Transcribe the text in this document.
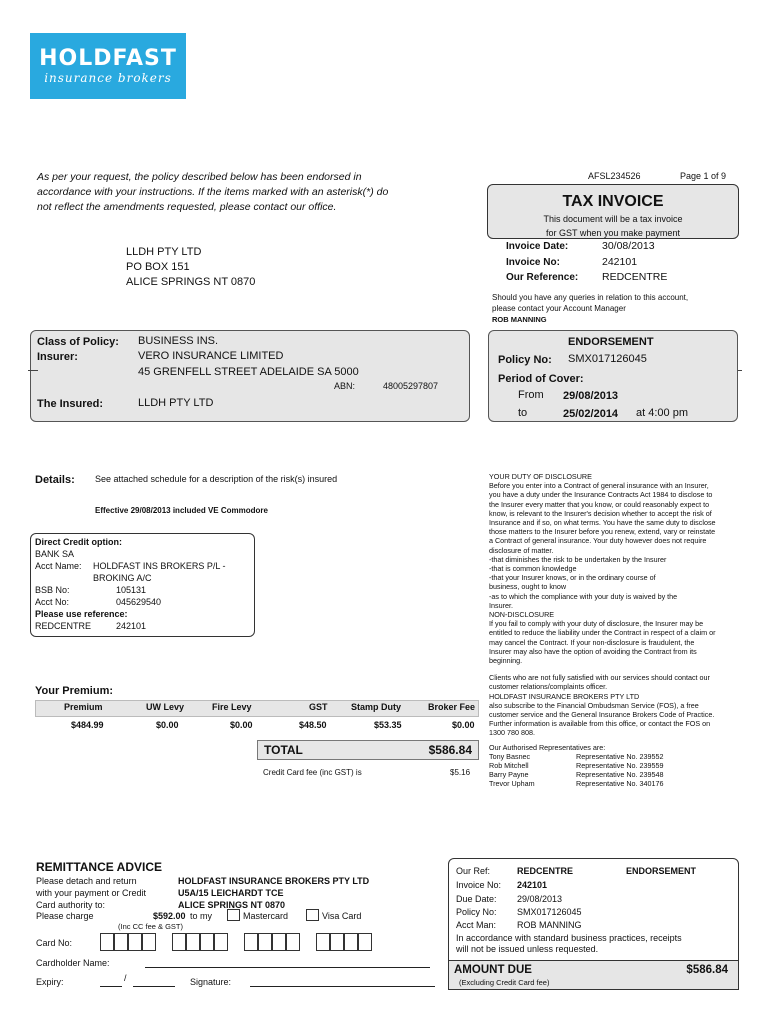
HOLDFAST
insurance brokers
As per your request, the policy described below has been endorsed in accordance with your instructions. If the items marked with an asterisk(*) do not reflect the amendments requested, please contact our office.
AFSL234526	Page 1 of 9
TAX INVOICE
This document will be a tax invoice
for GST when you make payment
LLDH PTY LTD
PO BOX 151
ALICE SPRINGS NT 0870
Invoice Date:	30/08/2013
Invoice No:	242101
Our Reference: REDCENTRE
Should you have any queries in relation to this account,
please contact your Account Manager
ROB MANNING
Class of Policy: BUSINESS INS.
Insurer:	VERO INSURANCE LIMITED
45 GRENFELL STREET ADELAIDE SA 5000
ABN:	48005297807
The Insured:	LLDH PTY LTD
ENDORSEMENT
Policy No: SMX017126045
Period of Cover:
From 29/08/2013
to	25/02/2014 at 4:00 pm
Details: See attached schedule for a description of the risk(s) insured
Effective 29/08/2013 included VE Commodore
Direct Credit option:
BANK SA
Acct Name: HOLDFAST INS BROKERS P/L -
BROKING A/C
BSB No:	105131
Acct No:	045629540
Please use reference:
REDCENTRE	242101
YOUR DUTY OF DISCLOSURE
Before you enter into a Contract of general insurance with an Insurer,
you have a duty under the Insurance Contracts Act 1984 to disclose to
the Insurer every matter that you know, or could reasonably expect to
know, is relevant to the Insurer's decision whether to accept the risk of
Insurance and if so, on what terms. You have the same duty to disclose
those matters to the Insurer before you renew, extend, vary or reinstate
a Contract of general insurance. Your duty however does not require
disclosure of matter.
-that diminishes the risk to be undertaken by the Insurer
-that is common knowledge
-that your Insurer knows, or in the ordinary course of
business, ought to know
-as to which the compliance with your duty is waived by the
Insurer.
NON-DISCLOSURE
If you fail to comply with your duty of disclosure, the Insurer may be
entitled to reduce the liability under the Contract in respect of a claim or
may cancel the Contract. If your non-disclosure is fraudulent, the
Insurer may also have the option of avoiding the Contract from its
beginning.
Clients who are not fully satisfied with our services should contact our
customer relations/complaints officer.
HOLDFAST INSURANCE BROKERS PTY LTD
also subscribe to the Financial Ombudsman Service (FOS), a free
customer service and the General Insurance Brokers Code of Practice.
Further information is available from this office, or contact the FOS on
1300 780 808.
Our Authorised Representatives are:
Tony Basnec	Representative No. 239552
Rob Mitchell	Representative No. 239559
Barry Payne	Representative No. 239548
Trevor Upham	Representative No. 340176
Your Premium:
Premium	UW Levy	Fire Levy	GST	Stamp Duty	Broker Fee
$484.99	$0.00	$0.00	$48.50	$53.35	$0.00
TOTAL	$586.84
Credit Card fee (inc GST) is	$5.16
REMITTANCE ADVICE
Please detach and return
with your payment or Credit
Card authority to:
HOLDFAST INSURANCE BROKERS PTY LTD
U5A/15 LEICHARDT TCE
ALICE SPRINGS NT 0870
Please charge	$592.00 to my	Mastercard	Visa Card
(Inc CC fee & GST)
Card No:

Cardholder Name:
Expiry:	/	Signature:
Our Ref:	REDCENTRE	ENDORSEMENT
Invoice No: 242101
Due Date: 29/08/2013
Policy No: SMX017126045
Acct Man: ROB MANNING
In accordance with standard business practices, receipts
will not be issued unless requested.
AMOUNT DUE	$586.84
(Excluding Credit Card fee)
